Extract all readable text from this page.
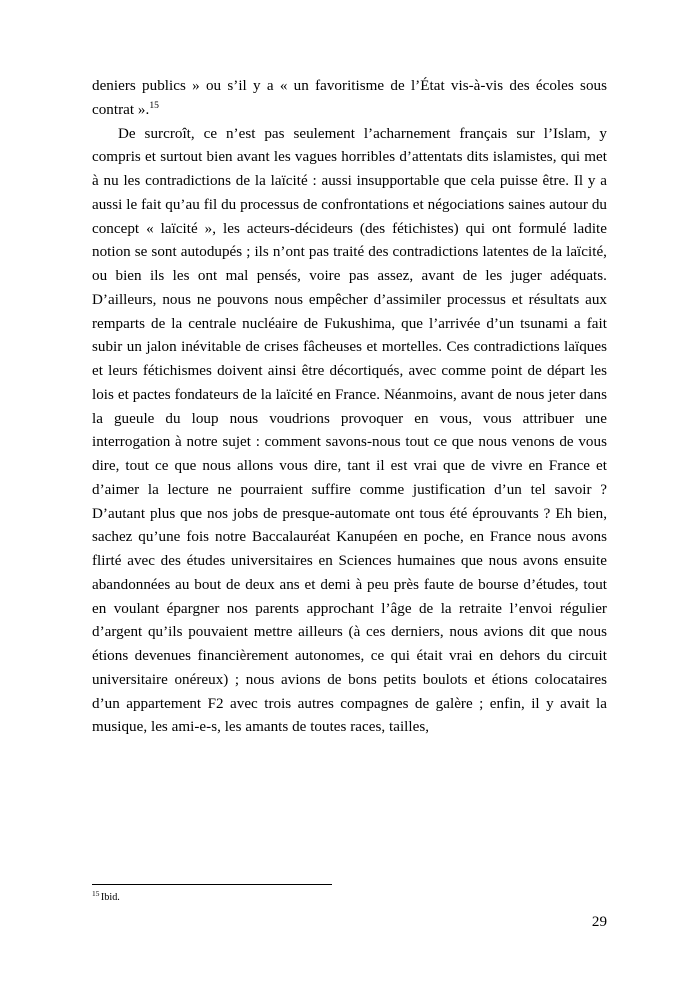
deniers publics » ou s’il y a « un favoritisme de l’État vis-à-vis des écoles sous contrat ».$^{15}$

De surcroît, ce n’est pas seulement l’acharnement français sur l’Islam, y compris et surtout bien avant les vagues horribles d’attentats dits islamistes, qui met à nu les contradictions de la laïcité : aussi insupportable que cela puisse être. Il y a aussi le fait qu’au fil du processus de confrontations et négociations saines autour du concept « laïcité », les acteurs-décideurs (des fétichistes) qui ont formulé ladite notion se sont autodupés ; ils n’ont pas traité des contradictions latentes de la laïcité, ou bien ils les ont mal pensés, voire pas assez, avant de les juger adéquats. D’ailleurs, nous ne pouvons nous empêcher d’assimiler processus et résultats aux remparts de la centrale nucléaire de Fukushima, que l’arrivée d’un tsunami a fait subir un jalon inévitable de crises fâcheuses et mortelles. Ces contradictions laïques et leurs fétichismes doivent ainsi être décortiqués, avec comme point de départ les lois et pactes fondateurs de la laïcité en France. Néanmoins, avant de nous jeter dans la gueule du loup nous voudrions provoquer en vous, vous attribuer une interrogation à notre sujet : comment savons-nous tout ce que nous venons de vous dire, tout ce que nous allons vous dire, tant il est vrai que de vivre en France et d’aimer la lecture ne pourraient suffire comme justification d’un tel savoir ? D’autant plus que nos jobs de presque-automate ont tous été éprouvants ? Eh bien, sachez qu’une fois notre Baccalauréat Kanupéen en poche, en France nous avons flirté avec des études universitaires en Sciences humaines que nous avons ensuite abandonnées au bout de deux ans et demi à peu près faute de bourse d’études, tout en voulant épargner nos parents approchant l’âge de la retraite l’envoi régulier d’argent qu’ils pouvaient mettre ailleurs (à ces derniers, nous avions dit que nous étions devenues financièrement autonomes, ce qui était vrai en dehors du circuit universitaire onéreux) ; nous avions de bons petits boulots et étions colocataires d’un appartement F2 avec trois autres compagnes de galère ; enfin, il y avait la musique, les ami-e-s, les amants de toutes races, tailles,

$^{15}$ Ibid.

29
